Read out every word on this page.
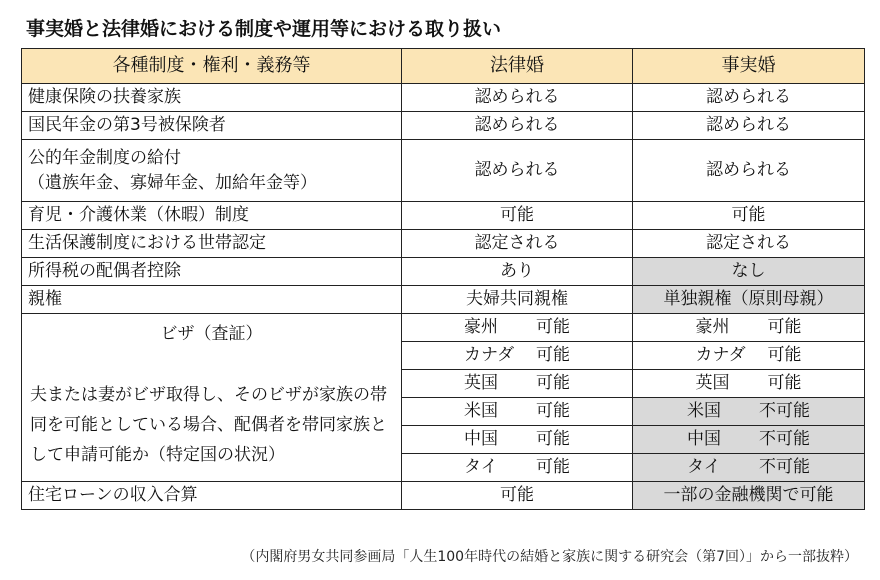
事実婚と法律婚における制度や運用等における取り扱い
各種制度・権利・義務等	法律婚	事実婚
健康保険の扶養家族	認められる	認められる
国民年金の第3号被保険者	認められる	認められる

公的年金制度の給付
（遺族年金、寡婦年金、加給年金等）	認められる	認められる
育児・介護休業（休暇）制度	可能	可能
生活保護制度における世帯認定	認定される	認定される
所得税の配偶者控除	あり	なし
親権	夫婦共同親権	単独親権（原則母親）

ビザ（査証）
夫または妻がビザ取得し、そのビザが家族の帯同を可能としている場合、配偶者を帯同家族として申請可能か（特定国の状況）	豪州 可能	豪州 可能
	カナダ 可能	カナダ 可能
	英国 可能	英国 可能
	米国 可能	米国 不可能
	中国 可能	中国 不可能
	タイ 可能	タイ 不可能
住宅ローンの収入合算	可能	一部の金融機関で可能
（内閣府男女共同参画局「人生100年時代の結婚と家族に関する研究会（第7回）」から一部抜粋）
